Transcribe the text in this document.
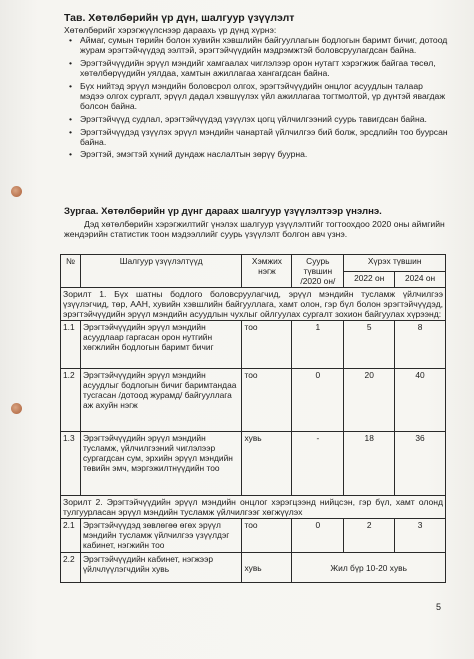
Тав. Хөтөлбөрийн үр дүн, шалгуур үзүүлэлт
Хөтөлбөрийг хэрэгжүүлснээр дараахь үр дүнд хүрнэ:
• Аймаг, сумын төрийн болон хувийн хэвшлийн байгууллагын бодлогын баримт бичиг, дотоод журам эрэгтэйчүүдэд ээлтэй, эрэгтэйчүүдийн мэдрэмжтэй боловсруулагдсан байна.
• Эрэгтэйчүүдийн эрүүл мэндийг хамгаалах чиглэлээр орон нутагт хэрэгжиж байгаа төсөл, хөтөлбөрүүдийн уялдаа, хамтын ажиллагаа хангагдсан байна.
• Бүх нийтэд эрүүл мэндийн боловсрол олгох, эрэгтэйчүүдийн онцлог асуудлын талаар мэдээ олгох сургалт, эрүүл дадал хэвшүүлэх үйл ажиллагаа тогтмолтой, үр дүнтэй явагдаж болсон байна.
• Эрэгтэйчүүд судлал, эрэгтэйчүүдэд үзүүлэх цогц үйлчилгээний суурь тавигдсан байна.
• Эрэгтэйчүүдэд үзүүлэх эрүүл мэндийн чанартай үйлчилгээ бий болж, эрсдлийн тоо буурсан байна.
• Эрэгтэй, эмэгтэй хүний дундаж наслалтын зөрүү буурна.
Зургаа. Хөтөлбөрийн үр дүнг дараах шалгуур үзүүлэлтээр үнэлнэ.
Дэд хөтөлбөрийн хэрэгжилтийг үнэлэх шалгуур үзүүлэлтийг тогтоохдоо 2020 оны аймгийн жендэрийн статистик тоон мэдээллийг суурь үзүүлэлт болгон авч үзнэ.
№	Шалгуур үзүүлэлтүүд	Хэмжих нэгж	Суурь түвшин /2020 он/	Хүрэх түвшин	
				2022 он	2024 он
Зорилт 1. Бүх шатны бодлого боловсруулагчид, эрүүл мэндийн тусламж үйлчилгээ үзүүлэгчид, төр, ААН, хувийн хэвшлийн байгууллага, хамт олон, гэр бүл болон эрэгтэйчүүдэд, эрэгтэйчүүдийн эрүүл мэндийн асуудлын чухлыг ойлгуулах сургалт зохион байгуулах хүрээнд:					
1.1	Эрэгтэйчүүдийн эрүүл мэндийн асуудлаар гаргасан орон нутгийн хөгжлийн бодлогын баримт бичиг	тоо	1	5	8
1.2	Эрэгтэйчүүдийн эрүүл мэндийн асуудлыг бодлогын бичиг баримтандаа тусгасан /дотоод журамд/ байгууллага аж ахуйн нэгж	тоо	0	20	40
1.3	Эрэгтэйчүүдийн эрүүл мэндийн тусламж, үйлчилгээний чиглэлээр сургагдсан сум, эрхийн эрүүл мэндийн төвийн эмч, мэргэжилтнүүдийн тоо	хувь	-	18	36
Зорилт 2. Эрэгтэйчүүдийн эрүүл мэндийн онцлог хэрэгцээнд нийцсэн, гэр бүл, хамт олонд тулгуурласан эрүүл мэндийн тусламж үйлчилгээг хөгжүүлэх					
2.1	Эрэгтэйчүүдэд зөвлөгөө өгөх эрүүл мэндийн тусламж үйлчилгээ үзүүлдэг кабинет, нэгжийн тоо	тоо	0	2	3
2.2	Эрэгтэйчүүдийн кабинет, нэгжээр үйлчлүүлэгчдийн хувь	хувь	Жил бүр 10-20 хувь		
5
